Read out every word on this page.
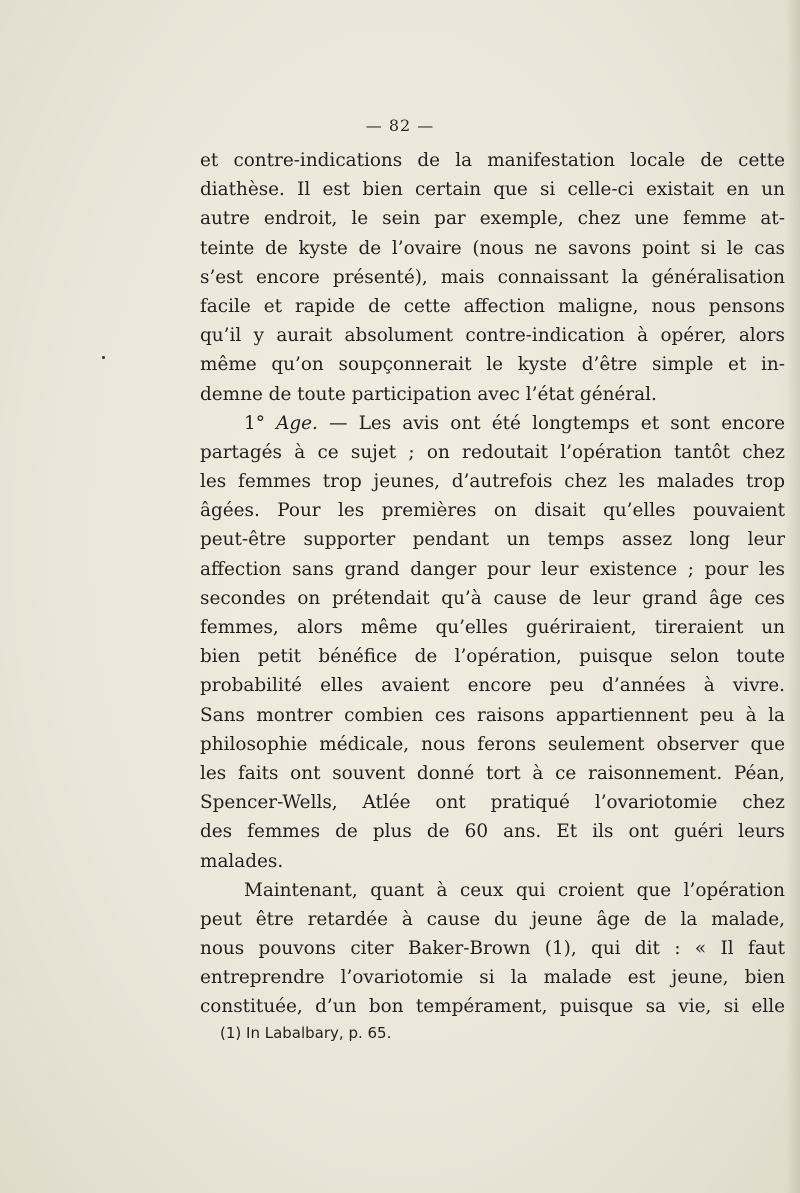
— 82 —
et contre-indications de la manifestation locale de cette
diathèse. Il est bien certain que si celle-ci existait en un
autre endroit, le sein par exemple, chez une femme at-
teinte de kyste de l’ovaire (nous ne savons point si le cas
s’est encore présenté), mais connaissant la généralisation
facile et rapide de cette affection maligne, nous pensons
qu’il y aurait absolument contre-indication à opérer, alors
même qu’on soupçonnerait le kyste d’être simple et in-
demne de toute participation avec l’état général.
1° Age. — Les avis ont été longtemps et sont encore
partagés à ce sujet ; on redoutait l’opération tantôt chez
les femmes trop jeunes, d’autrefois chez les malades trop
âgées. Pour les premières on disait qu’elles pouvaient
peut-être supporter pendant un temps assez long leur
affection sans grand danger pour leur existence ; pour les
secondes on prétendait qu’à cause de leur grand âge ces
femmes, alors même qu’elles guériraient, tireraient un
bien petit bénéfice de l’opération, puisque selon toute
probabilité elles avaient encore peu d’années à vivre.
Sans montrer combien ces raisons appartiennent peu à la
philosophie médicale, nous ferons seulement observer que
les faits ont souvent donné tort à ce raisonnement. Péan,
Spencer-Wells, Atlée ont pratiqué l’ovariotomie chez
des femmes de plus de 60 ans. Et ils ont guéri leurs
malades.
Maintenant, quant à ceux qui croient que l’opération
peut être retardée à cause du jeune âge de la malade,
nous pouvons citer Baker-Brown (1), qui dit : « Il faut
entreprendre l’ovariotomie si la malade est jeune, bien
constituée, d’un bon tempérament, puisque sa vie, si elle
(1) In Labalbary, p. 65.
